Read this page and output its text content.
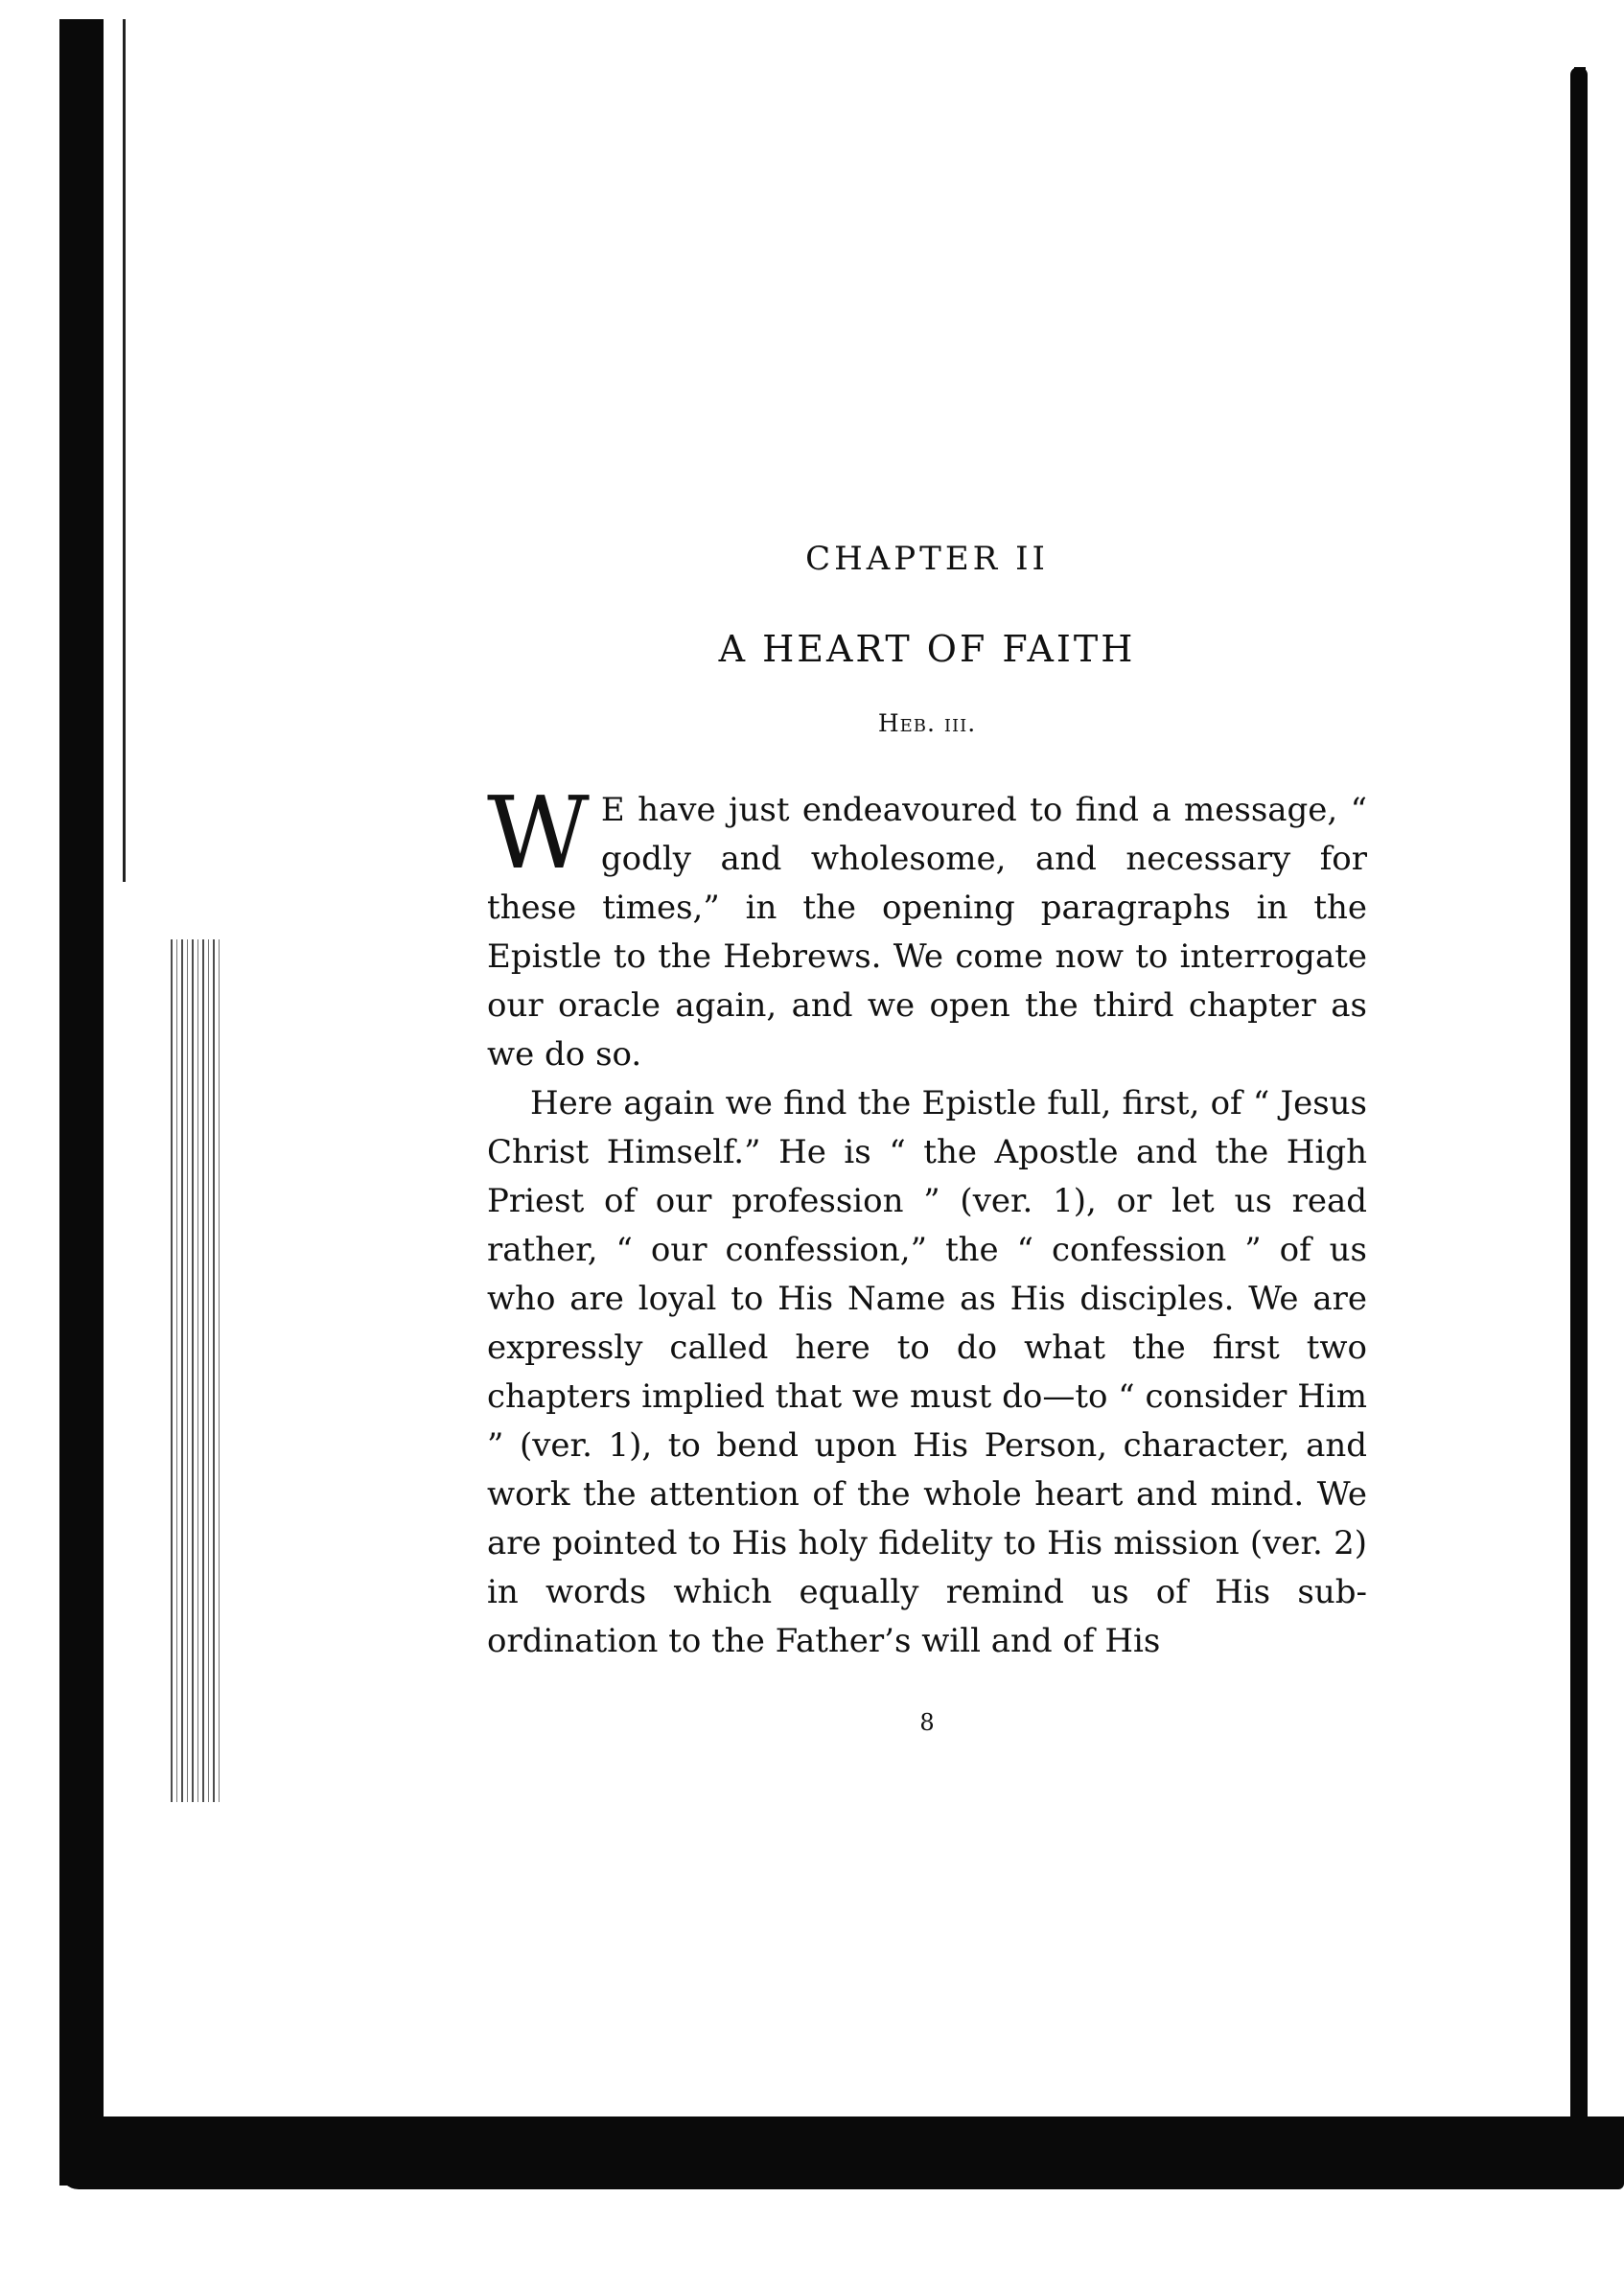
CHAPTER II
A HEART OF FAITH
Heb. iii.

W E have just endeavoured to find a message, “ godly and wholesome, and necessary for these times,” in the opening paragraphs in the Epistle to the Hebrews. We come now to interrogate our oracle again, and we open the third chapter as we do so.

Here again we find the Epistle full, first, of “ Jesus Christ Himself.” He is “ the Apostle and the High Priest of our profession ” (ver. 1), or let us read rather, “ our confession,” the “ confession ” of us who are loyal to His Name as His disciples. We are expressly called here to do what the first two chapters implied that we must do—to “ consider Him ” (ver. 1), to bend upon His Person, character, and work the attention of the whole heart and mind. We are pointed to His holy fidelity to His mission (ver. 2) in words which equally remind us of His sub-ordination to the Father’s will and of His

8
